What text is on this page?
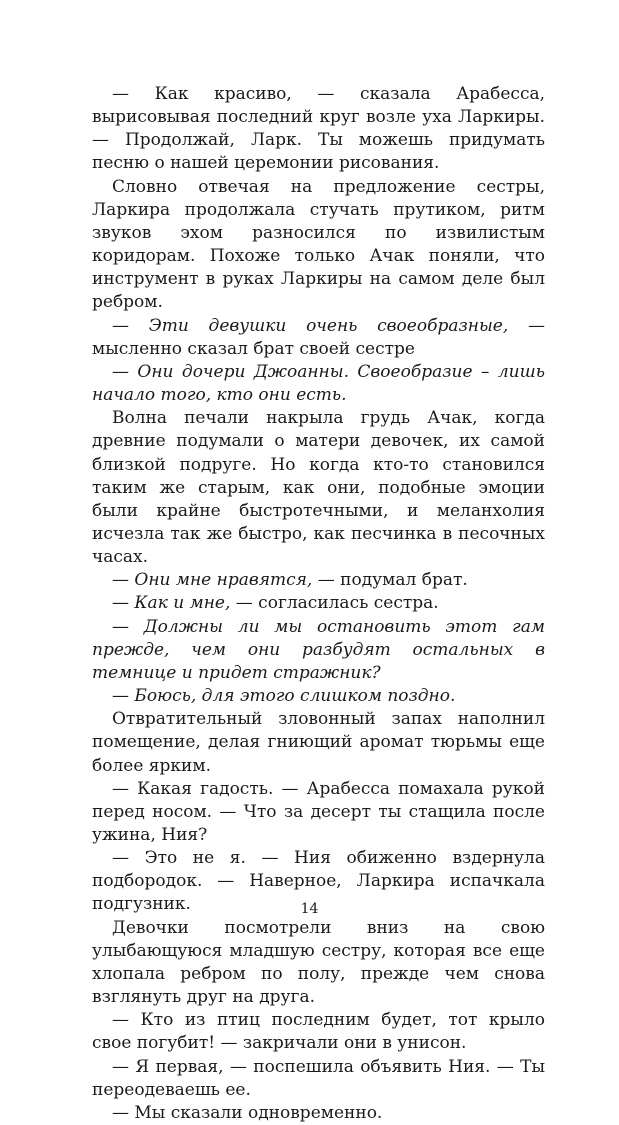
— Как красиво, — сказала Арабесса, вырисовывая последний круг возле уха Ларкиры. — Продолжай, Ларк. Ты можешь придумать песню о нашей церемонии рисования.

Словно отвечая на предложение сестры, Ларкира продолжала стучать прутиком, ритм звуков эхом разносился по извилистым коридорам. Похоже только Ачак поняли, что инструмент в руках Ларкиры на самом деле был ребром.

— Эти девушки очень своеобразные, — мысленно сказал брат своей сестре

— Они дочери Джоанны. Своеобразие – лишь начало того, кто они есть.

Волна печали накрыла грудь Ачак, когда древние подумали о матери девочек, их самой близкой подруге. Но когда кто-то становился таким же старым, как они, подобные эмоции были крайне быстротечными, и меланхолия исчезла так же быстро, как песчинка в песочных часах.

— Они мне нравятся, — подумал брат.

— Как и мне, — согласилась сестра.

— Должны ли мы остановить этот гам прежде, чем они разбудят остальных в темнице и придет стражник?

— Боюсь, для этого слишком поздно.

Отвратительный зловонный запах наполнил помещение, делая гниющий аромат тюрьмы еще более ярким.

— Какая гадость. — Арабесса помахала рукой перед носом. — Что за десерт ты стащила после ужина, Ния?

— Это не я. — Ния обиженно вздернула подбородок. — Наверное, Ларкира испачкала подгузник.

Девочки посмотрели вниз на свою улыбающуюся младшую сестру, которая все еще хлопала ребром по полу, прежде чем снова взглянуть друг на друга.

— Кто из птиц последним будет, тот крыло свое погубит! — закричали они в унисон.

— Я первая, — поспешила объявить Ния. — Ты переодеваешь ее.

— Мы сказали одновременно.

14
